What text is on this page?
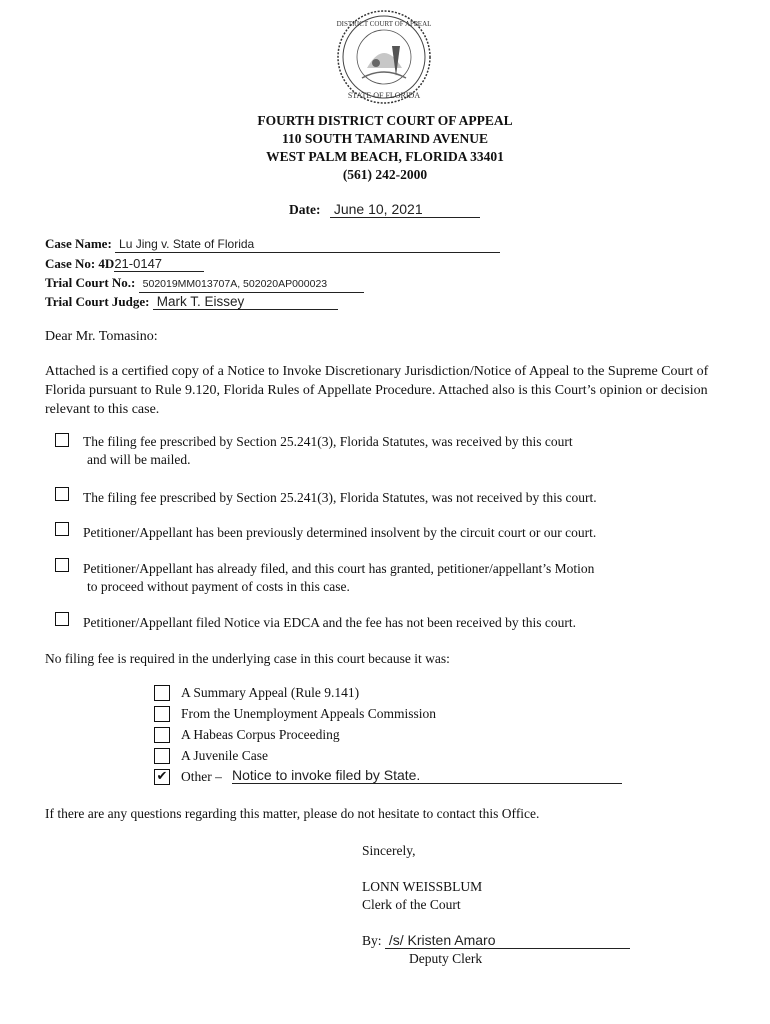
DISTRICT COURT OF APPEAL
STATE OF FLORIDA
FOURTH DISTRICT COURT OF APPEAL
110 SOUTH TAMARIND AVENUE
WEST PALM BEACH, FLORIDA 33401
(561) 242-2000
Date: June 10, 2021
Case Name: Lu Jing v. State of Florida
Case No: 4D21-0147
Trial Court No.: 502019MM013707A, 502020AP000023
Trial Court Judge: Mark T. Eissey
Dear Mr. Tomasino:
Attached is a certified copy of a Notice to Invoke Discretionary Jurisdiction/Notice of Appeal to the Supreme Court of Florida pursuant to Rule 9.120, Florida Rules of Appellate Procedure. Attached also is this Court’s opinion or decision relevant to this case.
The filing fee prescribed by Section 25.241(3), Florida Statutes, was received by this court
and will be mailed.
The filing fee prescribed by Section 25.241(3), Florida Statutes, was not received by this court.
Petitioner/Appellant has been previously determined insolvent by the circuit court or our court.
Petitioner/Appellant has already filed, and this court has granted, petitioner/appellant’s Motion
to proceed without payment of costs in this case.
Petitioner/Appellant filed Notice via EDCA and the fee has not been received by this court.
No filing fee is required in the underlying case in this court because it was:
A Summary Appeal (Rule 9.141)
From the Unemployment Appeals Commission
A Habeas Corpus Proceeding
A Juvenile Case
✔ Other – Notice to invoke filed by State.
If there are any questions regarding this matter, please do not hesitate to contact this Office.
Sincerely,
LONN WEISSBLUM
Clerk of the Court
By: /s/ Kristen Amaro
Deputy Clerk
